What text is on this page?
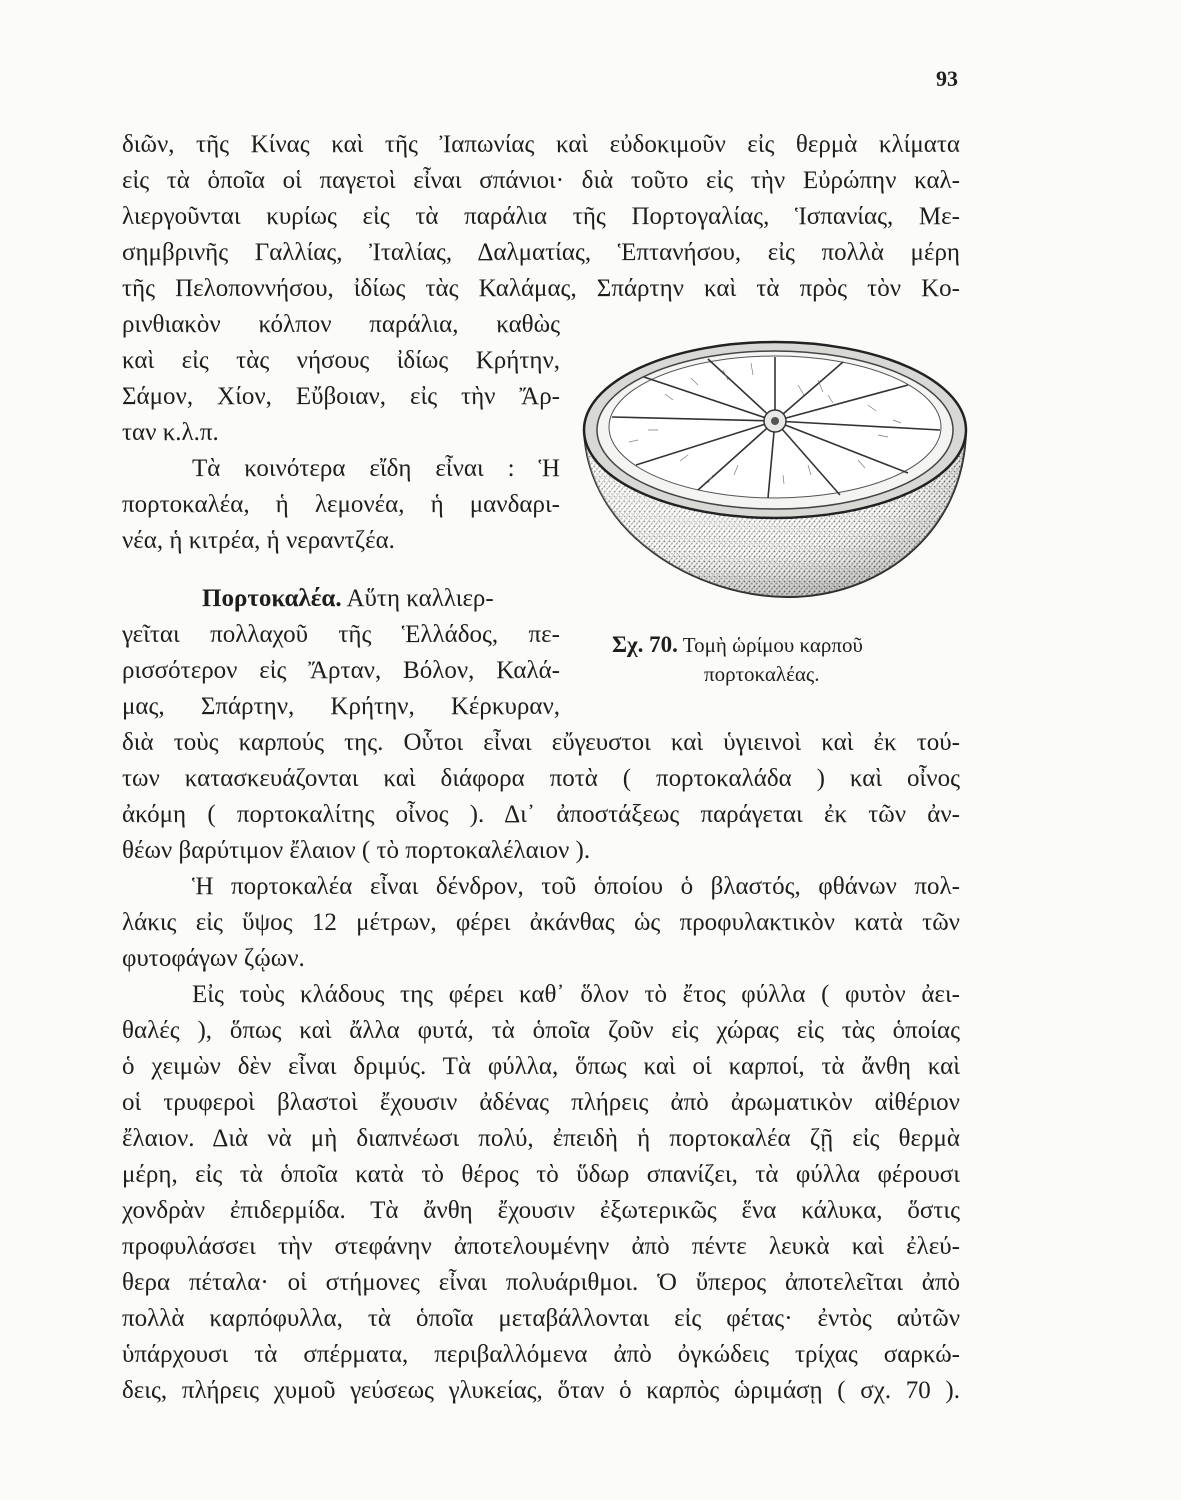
93
διῶν, τῆς Κίνας καὶ τῆς Ἰαπωνίας καὶ εὐδοκιμοῦν εἰς θερμὰ κλίματα
εἰς τὰ ὁποῖα οἱ παγετοὶ εἶναι σπάνιοι· διὰ τοῦτο εἰς τὴν Εὐρώπην καλ-
λιεργοῦνται κυρίως εἰς τὰ παράλια τῆς Πορτογαλίας, Ἱσπανίας, Με-
σημβρινῆς Γαλλίας, Ἰταλίας, Δαλματίας, Ἑπτανήσου, εἰς πολλὰ μέρη
τῆς Πελοποννήσου, ἰδίως τὰς Καλάμας, Σπάρτην καὶ τὰ πρὸς τὸν Κο-
ρινθιακὸν κόλπον παράλια, καθὼς
καὶ εἰς τὰς νήσους ἰδίως Κρήτην,
Σάμον, Χίον, Εὔβοιαν, εἰς τὴν Ἄρ-
ταν κ.λ.π.
Τὰ κοινότερα εἴδη εἶναι : Ἡ
πορτοκαλέα, ἡ λεμονέα, ἡ μανδαρι-
νέα, ἡ κιτρέα, ἡ νεραντζέα.
Πορτοκαλέα. Αὕτη καλλιερ-
γεῖται πολλαχοῦ τῆς Ἑλλάδος, πε-
ρισσότερον εἰς Ἄρταν, Βόλον, Καλά-
μας, Σπάρτην, Κρήτην, Κέρκυραν,
διὰ τοὺς καρπούς της. Οὗτοι εἶναι εὔγευστοι καὶ ὑγιεινοὶ καὶ ἐκ τού-
των κατασκευάζονται καὶ διάφορα ποτὰ ( πορτοκαλάδα ) καὶ οἶνος
ἀκόμη ( πορτοκαλίτης οἶνος ). Δι᾽ ἀποστάξεως παράγεται ἐκ τῶν ἀν-
θέων βαρύτιμον ἔλαιον ( τὸ πορτοκαλέλαιον ).
Ἡ πορτοκαλέα εἶναι δένδρον, τοῦ ὁποίου ὁ βλαστός, φθάνων πολ-
λάκις εἰς ὕψος 12 μέτρων, φέρει ἀκάνθας ὡς προφυλακτικὸν κατὰ τῶν
φυτοφάγων ζῴων.
Εἰς τοὺς κλάδους της φέρει καθ᾽ ὅλον τὸ ἔτος φύλλα ( φυτὸν ἀει-
θαλές ), ὅπως καὶ ἄλλα φυτά, τὰ ὁποῖα ζοῦν εἰς χώρας εἰς τὰς ὁποίας
ὁ χειμὼν δὲν εἶναι δριμύς. Τὰ φύλλα, ὅπως καὶ οἱ καρποί, τὰ ἄνθη καὶ
οἱ τρυφεροὶ βλαστοὶ ἔχουσιν ἀδένας πλήρεις ἀπὸ ἀρωματικὸν αἰθέριον
ἔλαιον. Διὰ νὰ μὴ διαπνέωσι πολύ, ἐπειδὴ ἡ πορτοκαλέα ζῇ εἰς θερμὰ
μέρη, εἰς τὰ ὁποῖα κατὰ τὸ θέρος τὸ ὕδωρ σπανίζει, τὰ φύλλα φέρουσι
χονδρὰν ἐπιδερμίδα. Τὰ ἄνθη ἔχουσιν ἐξωτερικῶς ἕνα κάλυκα, ὅστις
προφυλάσσει τὴν στεφάνην ἀποτελουμένην ἀπὸ πέντε λευκὰ καὶ ἐλεύ-
θερα πέταλα· οἱ στήμονες εἶναι πολυάριθμοι. Ὁ ὕπερος ἀποτελεῖται ἀπὸ
πολλὰ καρπόφυλλα, τὰ ὁποῖα μεταβάλλονται εἰς φέτας· ἐντὸς αὐτῶν
ὑπάρχουσι τὰ σπέρματα, περιβαλλόμενα ἀπὸ ὀγκώδεις τρίχας σαρκώ-
δεις, πλήρεις χυμοῦ γεύσεως γλυκείας, ὅταν ὁ καρπὸς ὡριμάσῃ ( σχ. 70 ).
Σχ. 70. Τομὴ ὡρίμου καρποῦ
πορτοκαλέας.
